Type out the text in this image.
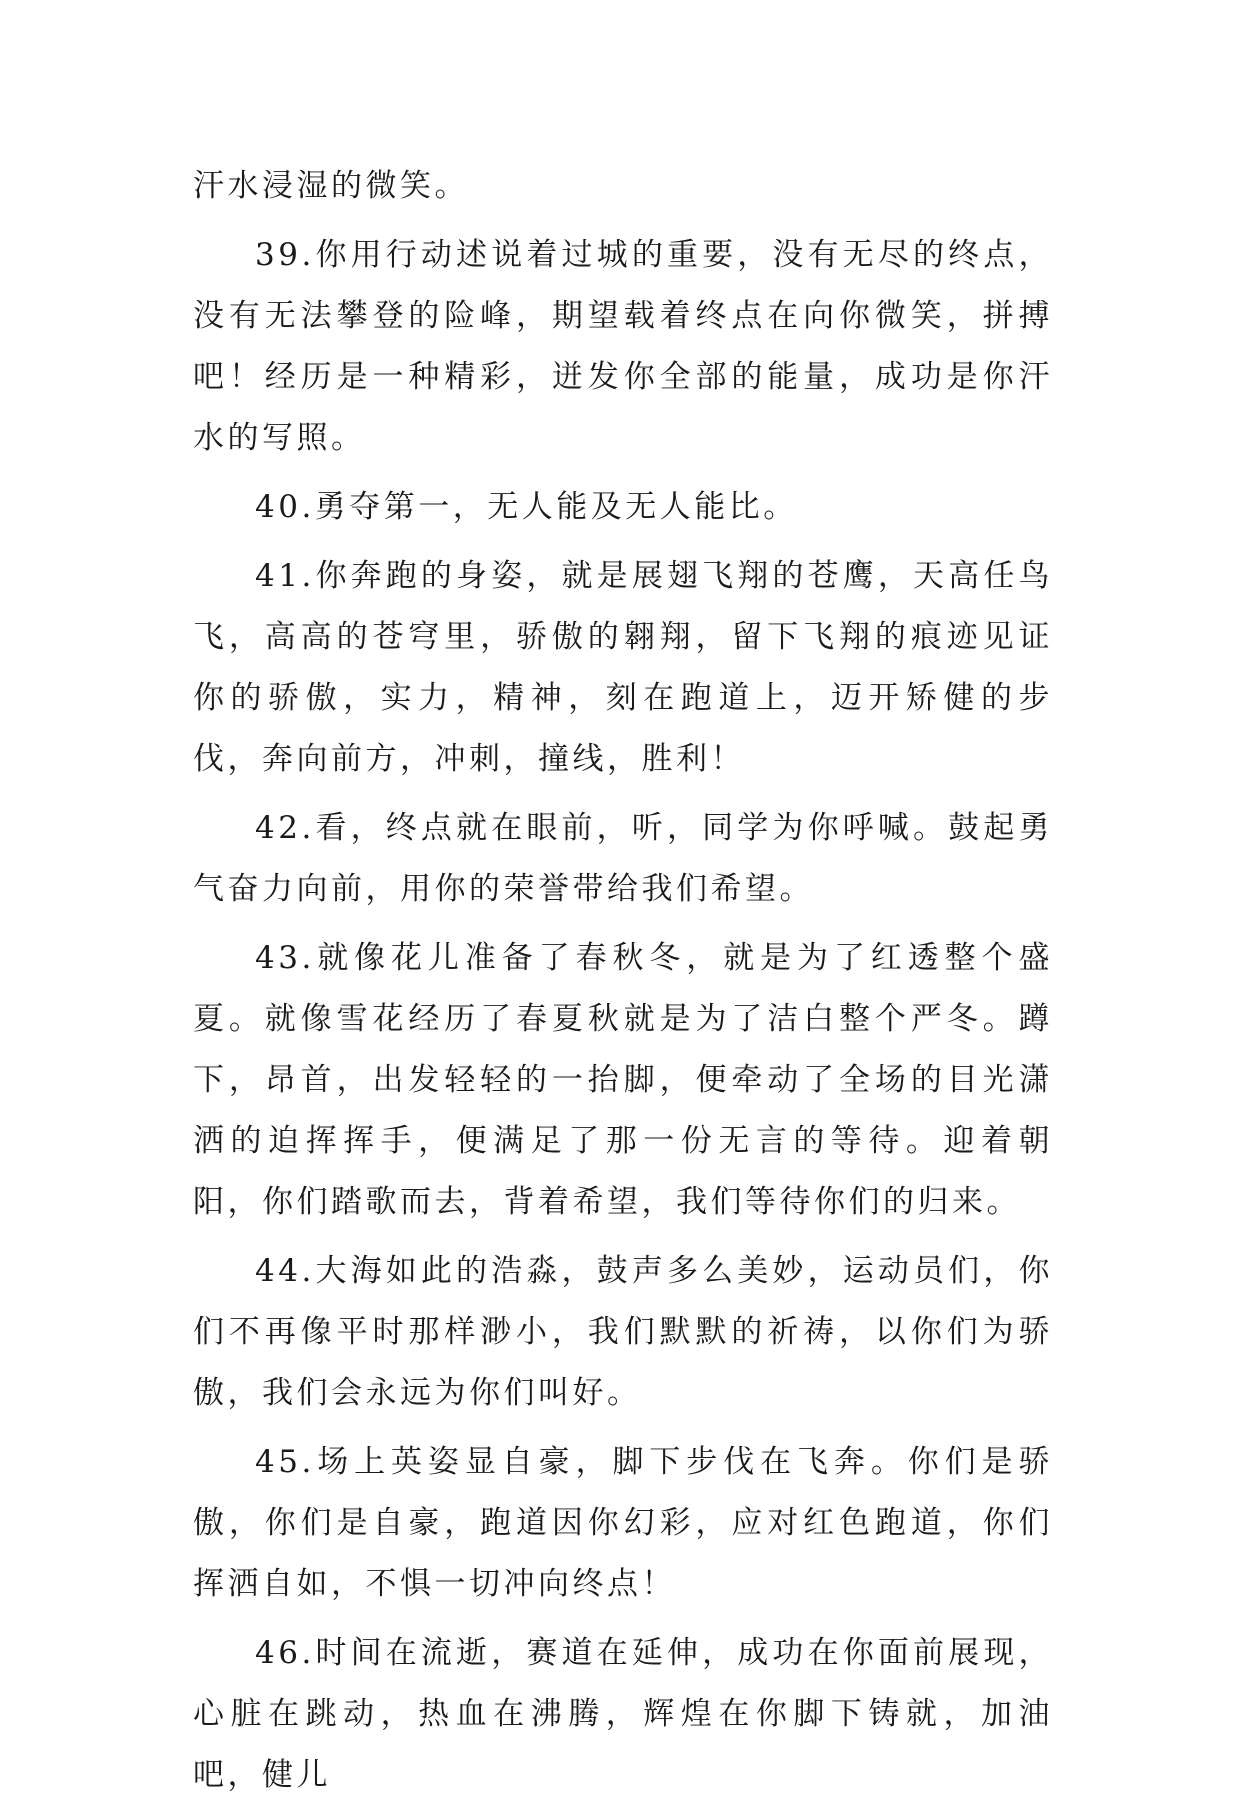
汗水浸湿的微笑。

39.你用行动述说着过城的重要，没有无尽的终点，没有无法攀登的险峰，期望载着终点在向你微笑，拼搏吧！经历是一种精彩，迸发你全部的能量，成功是你汗水的写照。

40.勇夺第一，无人能及无人能比。

41.你奔跑的身姿，就是展翅飞翔的苍鹰，天高任鸟飞，高高的苍穹里，骄傲的翱翔，留下飞翔的痕迹见证你的骄傲，实力，精神，刻在跑道上，迈开矫健的步伐，奔向前方，冲刺，撞线，胜利！

42.看，终点就在眼前，听，同学为你呼喊。鼓起勇气奋力向前，用你的荣誉带给我们希望。

43.就像花儿准备了春秋冬，就是为了红透整个盛夏。就像雪花经历了春夏秋就是为了洁白整个严冬。蹲下，昂首，出发轻轻的一抬脚，便牵动了全场的目光潇洒的迫挥挥手，便满足了那一份无言的等待。迎着朝阳，你们踏歌而去，背着希望，我们等待你们的归来。

44.大海如此的浩淼，鼓声多么美妙，运动员们，你们不再像平时那样渺小，我们默默的祈祷，以你们为骄傲，我们会永远为你们叫好。

45.场上英姿显自豪，脚下步伐在飞奔。你们是骄傲，你们是自豪，跑道因你幻彩，应对红色跑道，你们挥洒自如，不惧一切冲向终点！

46.时间在流逝，赛道在延伸，成功在你面前展现，心脏在跳动，热血在沸腾，辉煌在你脚下铸就，加油吧，健儿
